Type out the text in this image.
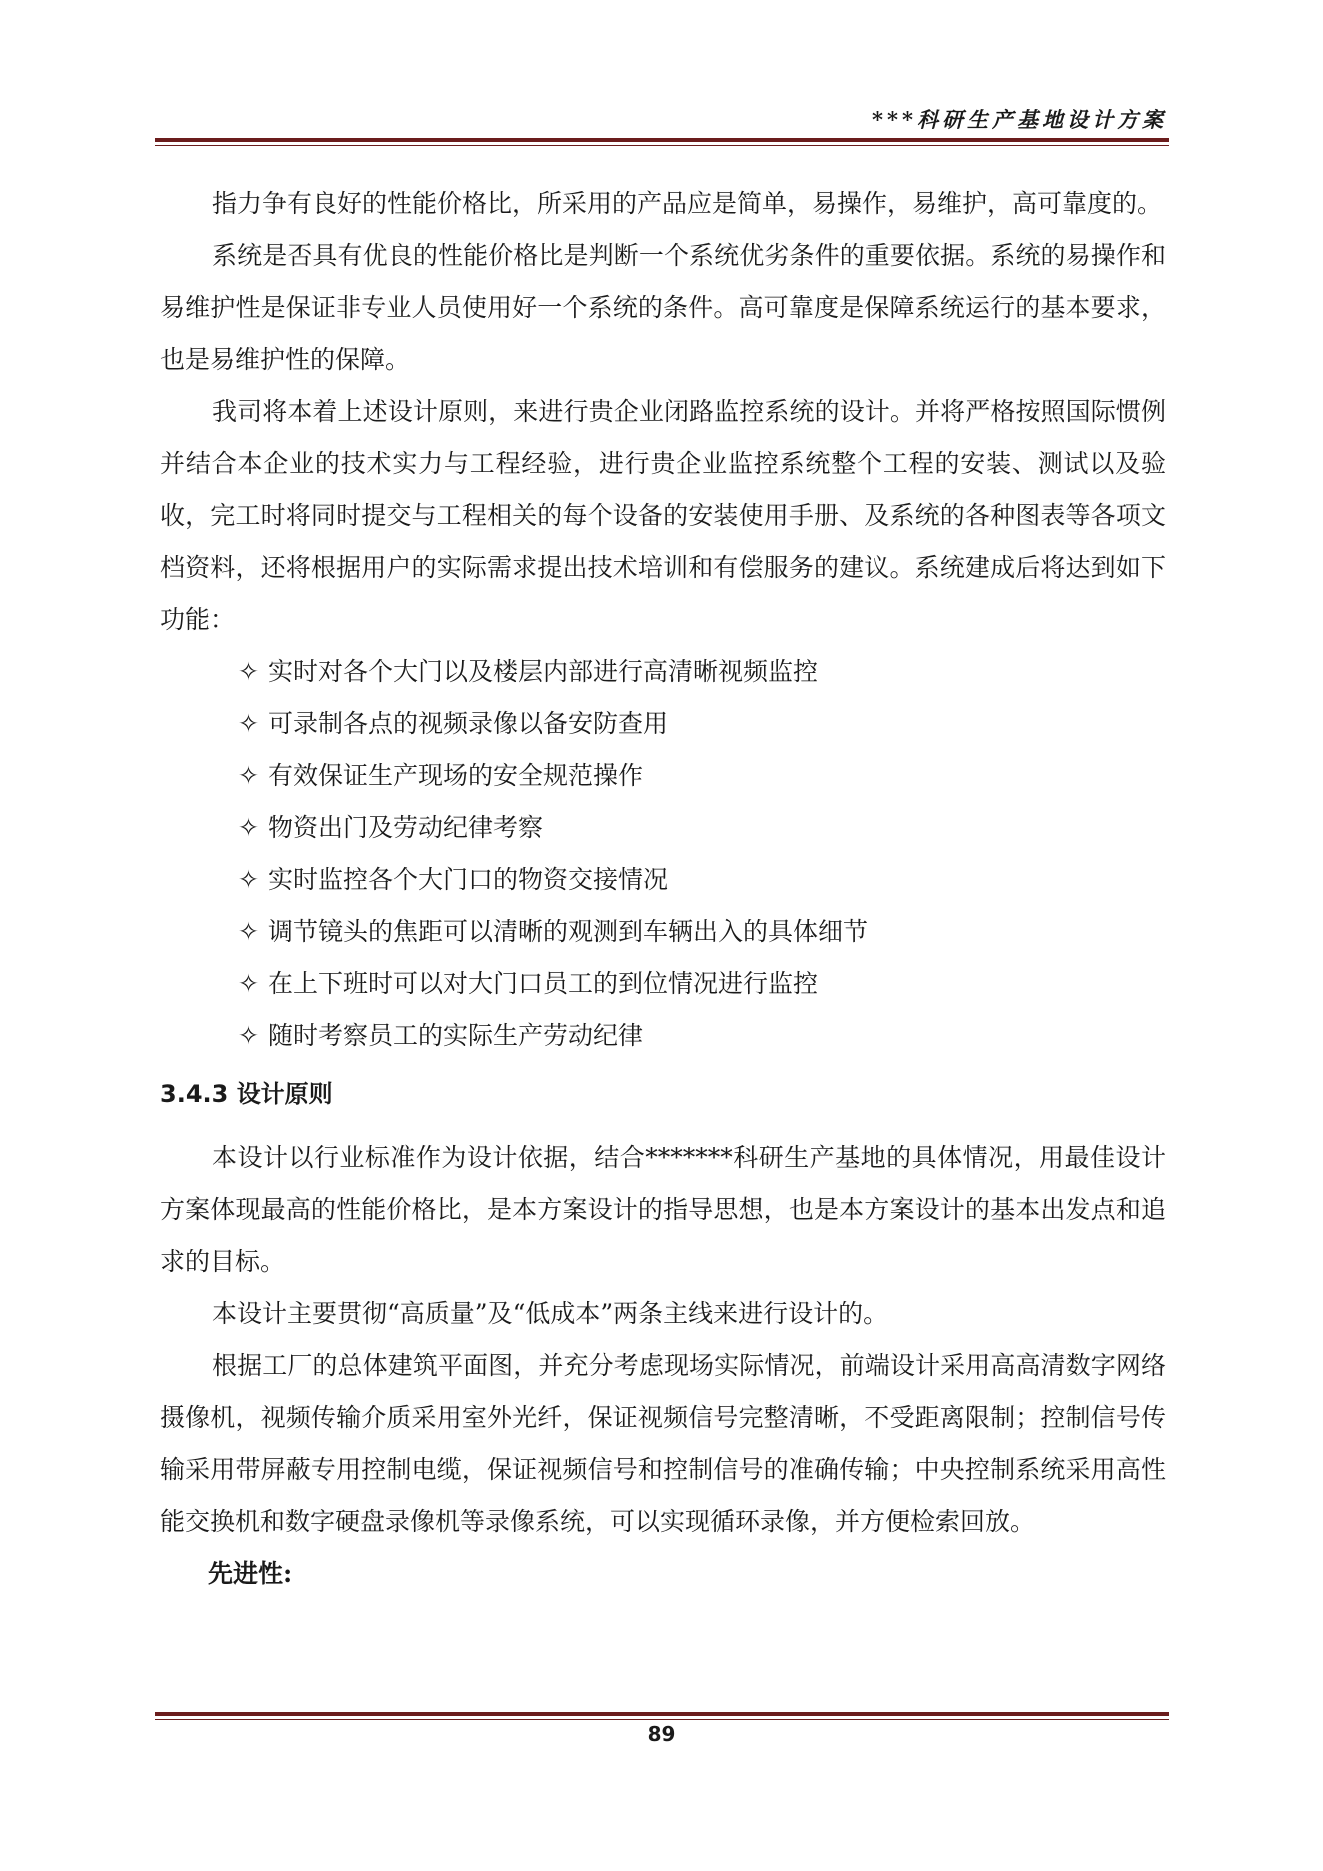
***科研生产基地设计方案

指力争有良好的性能价格比，所采用的产品应是简单，易操作，易维护，高可靠度的。

系统是否具有优良的性能价格比是判断一个系统优劣条件的重要依据。系统的易操作和易维护性是保证非专业人员使用好一个系统的条件。高可靠度是保障系统运行的基本要求，也是易维护性的保障。

我司将本着上述设计原则，来进行贵企业闭路监控系统的设计。并将严格按照国际惯例并结合本企业的技术实力与工程经验，进行贵企业监控系统整个工程的安装、测试以及验收，完工时将同时提交与工程相关的每个设备的安装使用手册、及系统的各种图表等各项文档资料，还将根据用户的实际需求提出技术培训和有偿服务的建议。系统建成后将达到如下功能：

✧ 实时对各个大门以及楼层内部进行高清晰视频监控
✧ 可录制各点的视频录像以备安防查用
✧ 有效保证生产现场的安全规范操作
✧ 物资出门及劳动纪律考察
✧ 实时监控各个大门口的物资交接情况
✧ 调节镜头的焦距可以清晰的观测到车辆出入的具体细节
✧ 在上下班时可以对大门口员工的到位情况进行监控
✧ 随时考察员工的实际生产劳动纪律
3.4.3 设计原则

本设计以行业标准作为设计依据，结合*******科研生产基地的具体情况，用最佳设计方案体现最高的性能价格比，是本方案设计的指导思想，也是本方案设计的基本出发点和追求的目标。

本设计主要贯彻“高质量”及“低成本”两条主线来进行设计的。

根据工厂的总体建筑平面图，并充分考虑现场实际情况，前端设计采用高高清数字网络摄像机，视频传输介质采用室外光纤，保证视频信号完整清晰，不受距离限制；控制信号传输采用带屏蔽专用控制电缆，保证视频信号和控制信号的准确传输；中央控制系统采用高性能交换机和数字硬盘录像机等录像系统，可以实现循环录像，并方便检索回放。

先进性:

89
